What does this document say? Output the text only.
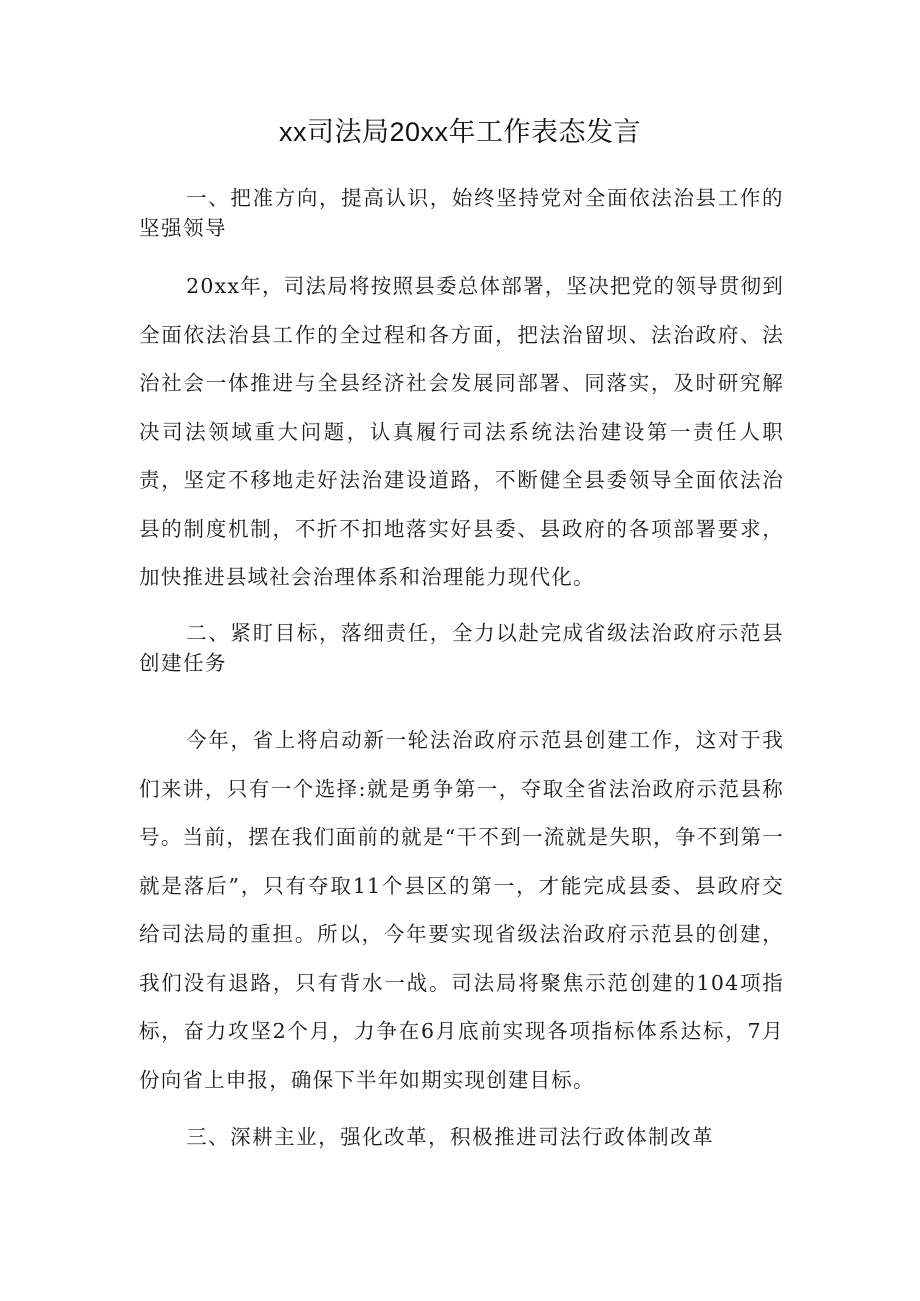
xx司法局20xx年工作表态发言
一、把准方向，提高认识，始终坚持党对全面依法治县工作的坚强领导
20xx年，司法局将按照县委总体部署，坚决把党的领导贯彻到全面依法治县工作的全过程和各方面，把法治留坝、法治政府、法治社会一体推进与全县经济社会发展同部署、同落实，及时研究解决司法领域重大问题，认真履行司法系统法治建设第一责任人职责，坚定不移地走好法治建设道路，不断健全县委领导全面依法治县的制度机制，不折不扣地落实好县委、县政府的各项部署要求，加快推进县域社会治理体系和治理能力现代化。
二、紧盯目标，落细责任，全力以赴完成省级法治政府示范县创建任务
今年，省上将启动新一轮法治政府示范县创建工作，这对于我们来讲，只有一个选择:就是勇争第一，夺取全省法治政府示范县称号。当前，摆在我们面前的就是“干不到一流就是失职，争不到第一就是落后”，只有夺取11个县区的第一，才能完成县委、县政府交给司法局的重担。所以，今年要实现省级法治政府示范县的创建，我们没有退路，只有背水一战。司法局将聚焦示范创建的104项指标，奋力攻坚2个月，力争在6月底前实现各项指标体系达标，7月份向省上申报，确保下半年如期实现创建目标。
三、深耕主业，强化改革，积极推进司法行政体制改革
